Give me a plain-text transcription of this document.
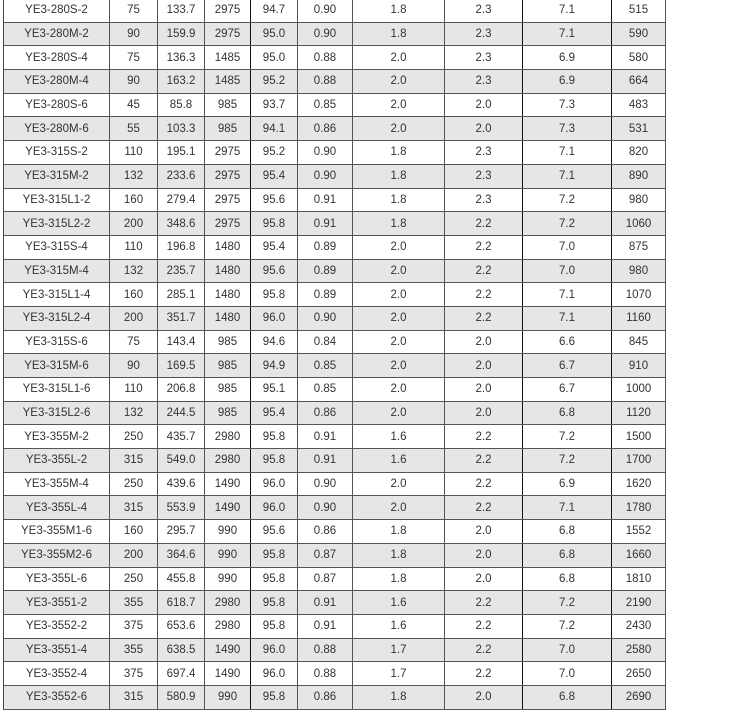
YE3-280S-2	75	133.7	2975	94.7	0.90	1.8	2.3	7.1	515
YE3-280M-2	90	159.9	2975	95.0	0.90	1.8	2.3	7.1	590
YE3-280S-4	75	136.3	1485	95.0	0.88	2.0	2.3	6.9	580
YE3-280M-4	90	163.2	1485	95.2	0.88	2.0	2.3	6.9	664
YE3-280S-6	45	85.8	985	93.7	0.85	2.0	2.0	7.3	483
YE3-280M-6	55	103.3	985	94.1	0.86	2.0	2.0	7.3	531
YE3-315S-2	110	195.1	2975	95.2	0.90	1.8	2.3	7.1	820
YE3-315M-2	132	233.6	2975	95.4	0.90	1.8	2.3	7.1	890
YE3-315L1-2	160	279.4	2975	95.6	0.91	1.8	2.3	7.2	980
YE3-315L2-2	200	348.6	2975	95.8	0.91	1.8	2.2	7.2	1060
YE3-315S-4	110	196.8	1480	95.4	0.89	2.0	2.2	7.0	875
YE3-315M-4	132	235.7	1480	95.6	0.89	2.0	2.2	7.0	980
YE3-315L1-4	160	285.1	1480	95.8	0.89	2.0	2.2	7.1	1070
YE3-315L2-4	200	351.7	1480	96.0	0.90	2.0	2.2	7.1	1160
YE3-315S-6	75	143.4	985	94.6	0.84	2.0	2.0	6.6	845
YE3-315M-6	90	169.5	985	94.9	0.85	2.0	2.0	6.7	910
YE3-315L1-6	110	206.8	985	95.1	0.85	2.0	2.0	6.7	1000
YE3-315L2-6	132	244.5	985	95.4	0.86	2.0	2.0	6.8	1120
YE3-355M-2	250	435.7	2980	95.8	0.91	1.6	2.2	7.2	1500
YE3-355L-2	315	549.0	2980	95.8	0.91	1.6	2.2	7.2	1700
YE3-355M-4	250	439.6	1490	96.0	0.90	2.0	2.2	6.9	1620
YE3-355L-4	315	553.9	1490	96.0	0.90	2.0	2.2	7.1	1780
YE3-355M1-6	160	295.7	990	95.6	0.86	1.8	2.0	6.8	1552
YE3-355M2-6	200	364.6	990	95.8	0.87	1.8	2.0	6.8	1660
YE3-355L-6	250	455.8	990	95.8	0.87	1.8	2.0	6.8	1810
YE3-3551-2	355	618.7	2980	95.8	0.91	1.6	2.2	7.2	2190
YE3-3552-2	375	653.6	2980	95.8	0.91	1.6	2.2	7.2	2430
YE3-3551-4	355	638.5	1490	96.0	0.88	1.7	2.2	7.0	2580
YE3-3552-4	375	697.4	1490	96.0	0.88	1.7	2.2	7.0	2650
YE3-3552-6	315	580.9	990	95.8	0.86	1.8	2.0	6.8	2690
